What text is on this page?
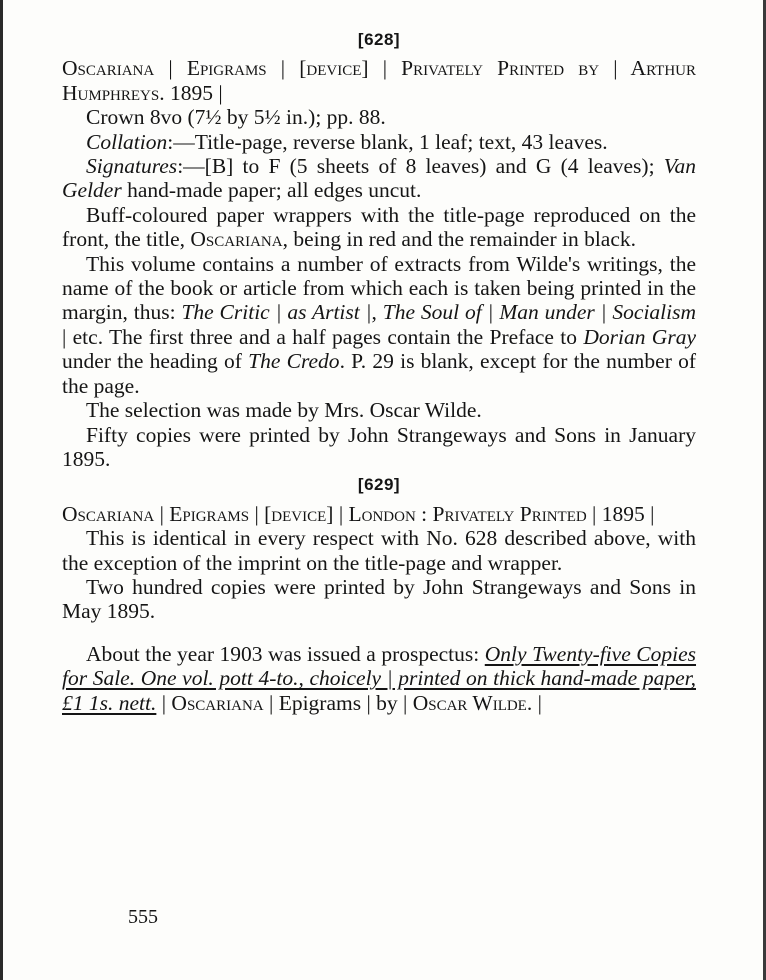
[628]

Oscariana | Epigrams | [device] | Privately Printed by | Arthur Humphreys. 1895 |

Crown 8vo (7½ by 5½ in.); pp. 88.

Collation:—Title-page, reverse blank, 1 leaf; text, 43 leaves.

Signatures:—[B] to F (5 sheets of 8 leaves) and G (4 leaves); Van Gelder hand-made paper; all edges uncut.

Buff-coloured paper wrappers with the title-page reproduced on the front, the title, Oscariana, being in red and the remainder in black.

This volume contains a number of extracts from Wilde's writings, the name of the book or article from which each is taken being printed in the margin, thus: The Critic | as Artist |, The Soul of | Man under | Socialism | etc. The first three and a half pages contain the Preface to Dorian Gray under the heading of The Credo. P. 29 is blank, except for the number of the page.

The selection was made by Mrs. Oscar Wilde.

Fifty copies were printed by John Strangeways and Sons in January 1895.

[629]

Oscariana | Epigrams | [device] | London : Privately Printed | 1895 |

This is identical in every respect with No. 628 described above, with the exception of the imprint on the title-page and wrapper.

Two hundred copies were printed by John Strangeways and Sons in May 1895.

About the year 1903 was issued a prospectus: Only Twenty-five Copies for Sale. One vol. pott 4-to., choicely | printed on thick hand-made paper, £1 1s. nett. | Oscariana | Epigrams | by | Oscar Wilde. |

555
